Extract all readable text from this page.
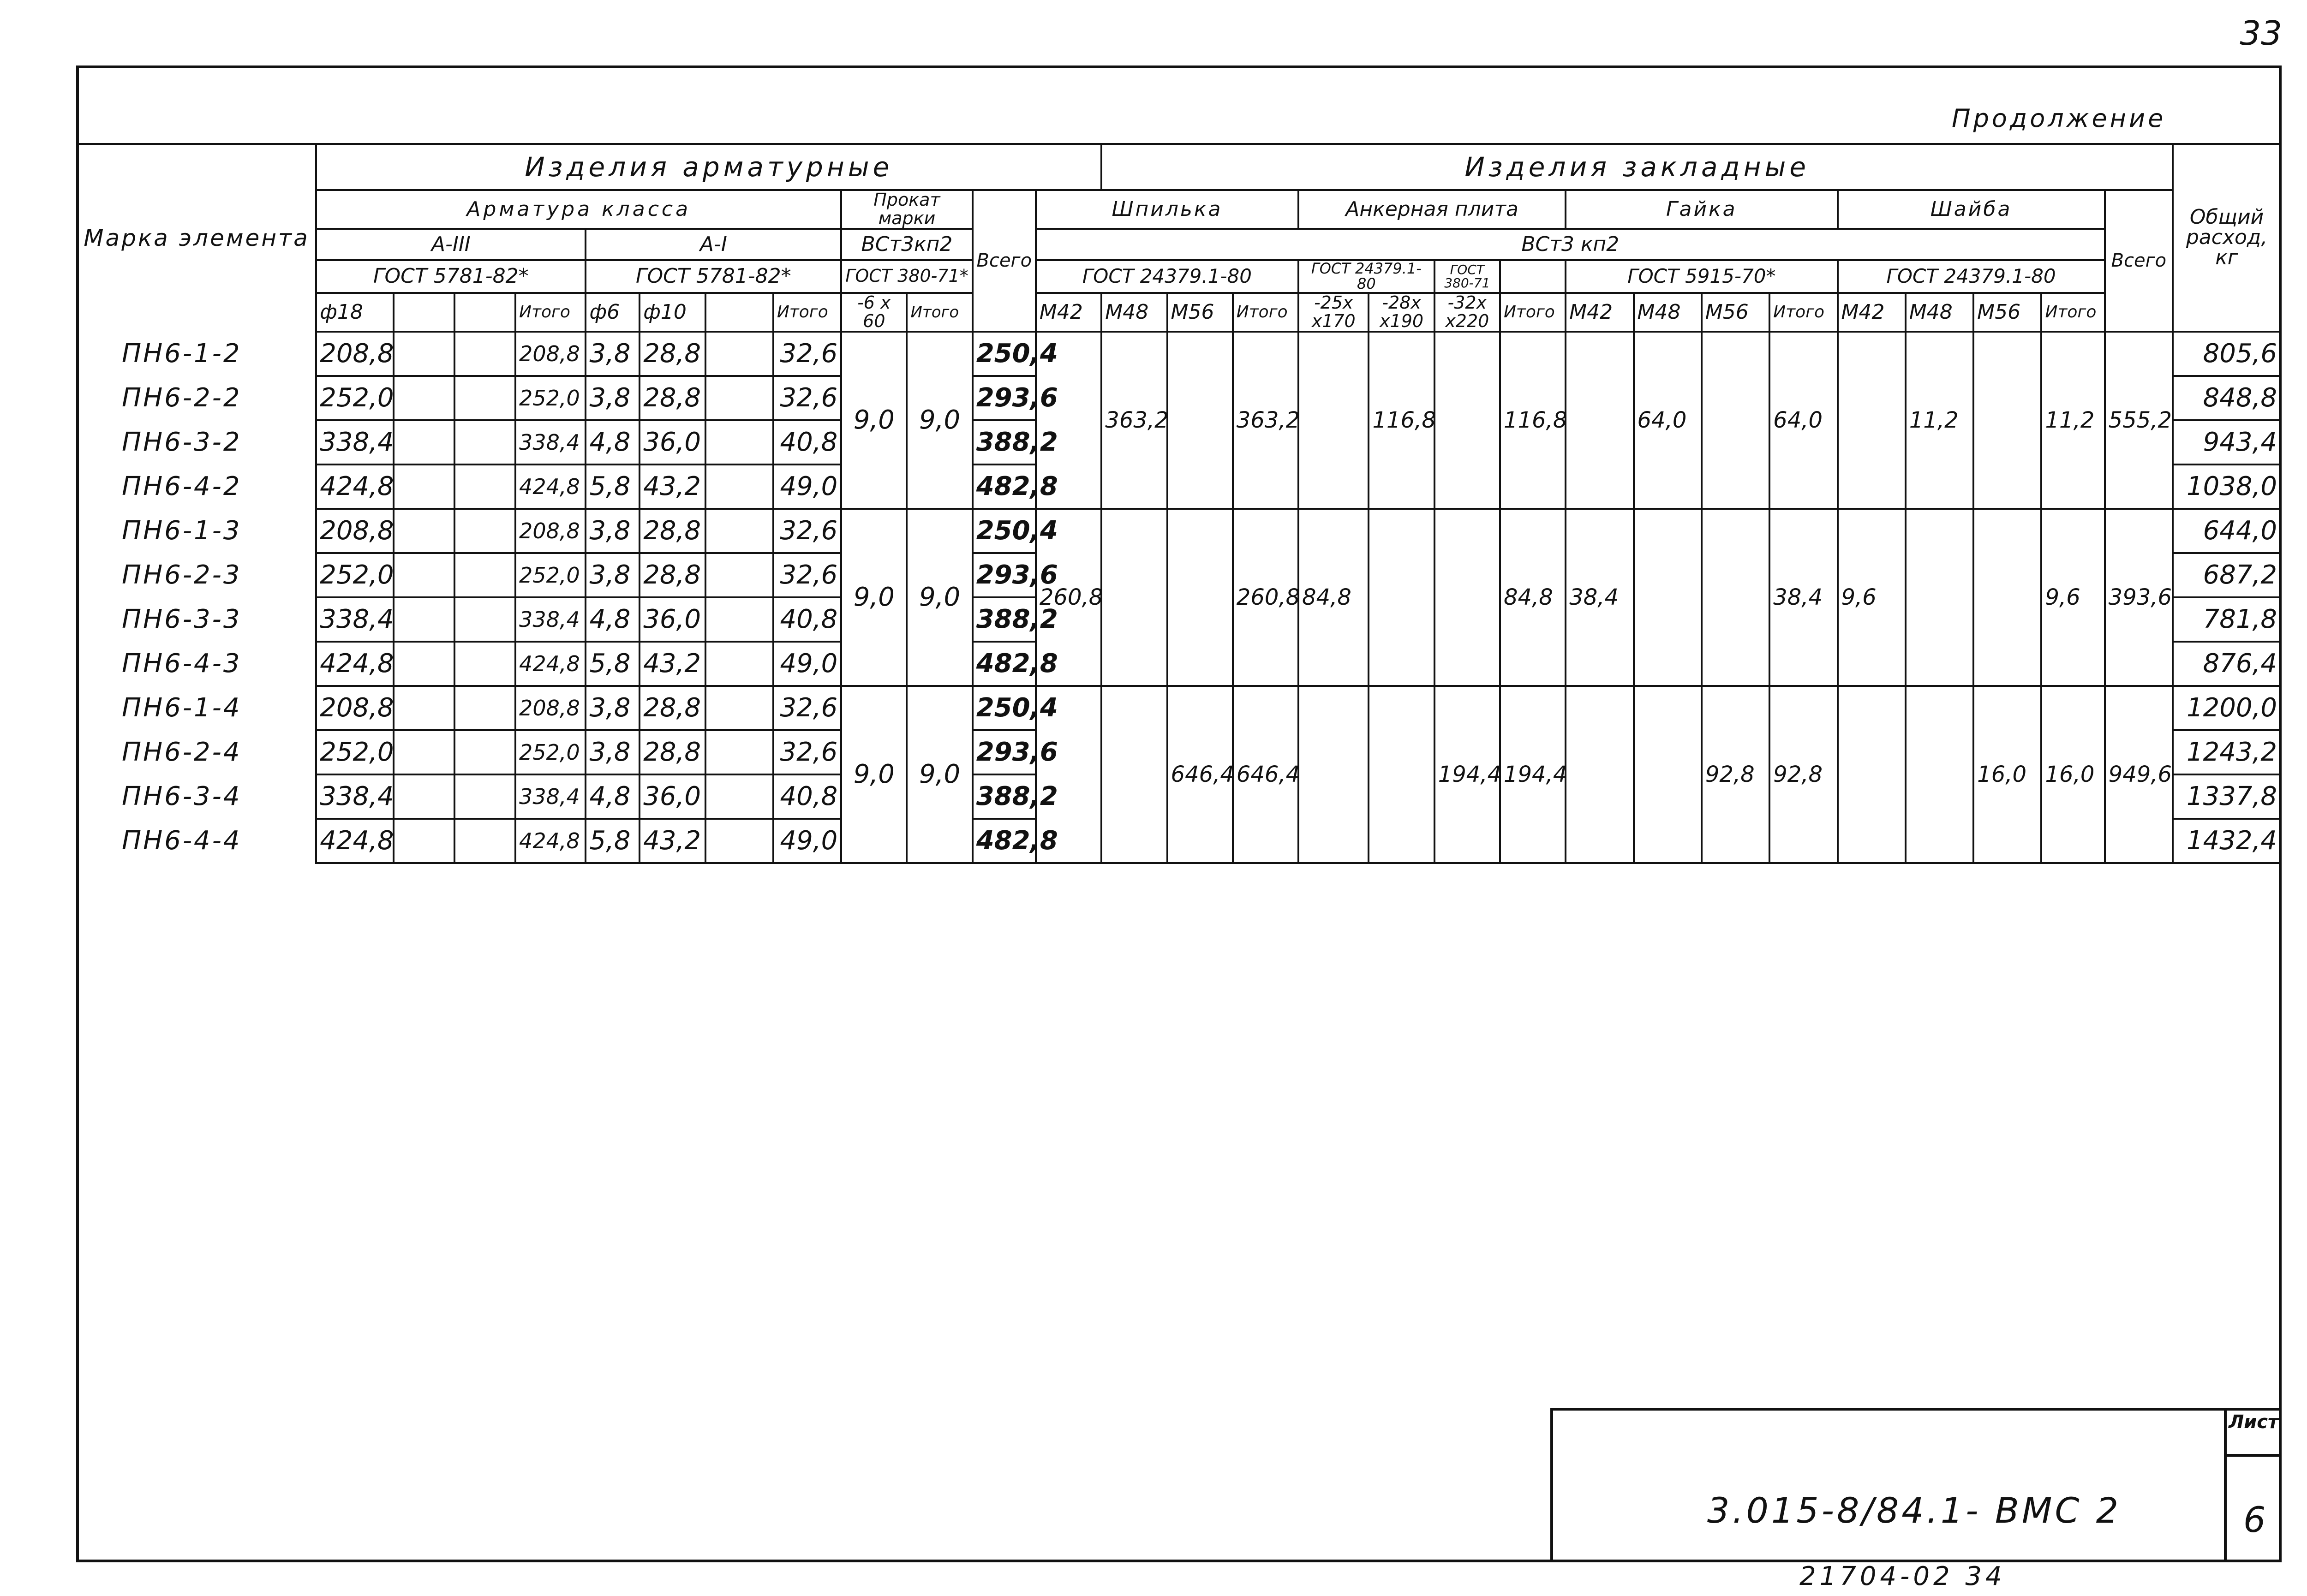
33
Продолжение
Марка элемента	Изделия арматурные												Изделия закладные																Общий расход, кг
	Арматура класса								Прокат марки		Всего	Шпилька				Анкерная плита				Гайка				Шайба				Всего
	А-III				А-I				ВСт3кп2			ВСт3 кп2																	
	ГОСТ 5781-82*				ГОСТ 5781-82*				ГОСТ 380-71*			ГОСТ 24379.1-80				ГОСТ 24379.1-80		ГОСТ 380-71		ГОСТ 5915-70*				ГОСТ 24379.1-80					
	ф18			Итого	ф6	ф10		Итого	-6 х 60	Итого		М42	М48	М56	Итого	-25х х170	-28х х190	-32х х220	Итого	М42	М48	М56	Итого	М42	М48	М56	Итого		
ПН6-1-2	208,8			208,8	3,8	28,8		32,6	9,0	9,0	250,4		363,2		363,2		116,8		116,8		64,0		64,0		11,2		11,2	555,2	805,6
ПН6-2-2	252,0			252,0	3,8	28,8		32,6			293,6																		848,8
ПН6-3-2	338,4			338,4	4,8	36,0		40,8			388,2																		943,4
ПН6-4-2	424,8			424,8	5,8	43,2		49,0			482,8																		1038,0
ПН6-1-3	208,8			208,8	3,8	28,8		32,6	9,0	9,0	250,4	260,8			260,8	84,8			84,8	38,4			38,4	9,6			9,6	393,6	644,0
ПН6-2-3	252,0			252,0	3,8	28,8		32,6			293,6																		687,2
ПН6-3-3	338,4			338,4	4,8	36,0		40,8			388,2																		781,8
ПН6-4-3	424,8			424,8	5,8	43,2		49,0			482,8																		876,4
ПН6-1-4	208,8			208,8	3,8	28,8		32,6	9,0	9,0	250,4			646,4	646,4			194,4	194,4			92,8	92,8			16,0	16,0	949,6	1200,0
ПН6-2-4	252,0			252,0	3,8	28,8		32,6			293,6																		1243,2
ПН6-3-4	338,4			338,4	4,8	36,0		40,8			388,2																		1337,8
ПН6-4-4	424,8			424,8	5,8	43,2		49,0			482,8																		1432,4
3.015-8/84.1- ВМС 2
Лист
6
21704-02 34
